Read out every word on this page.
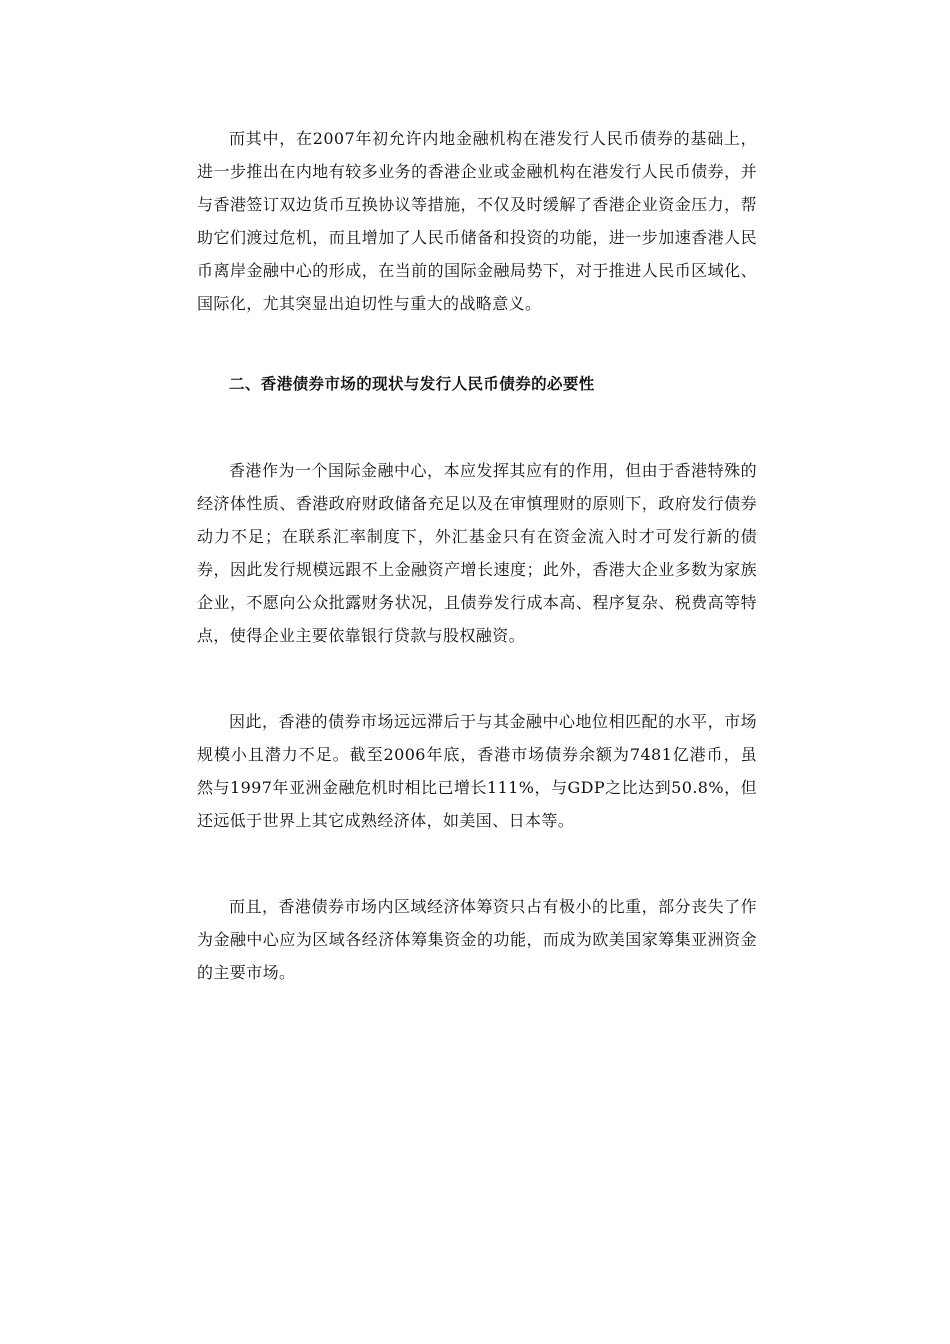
而其中，在2007年初允许内地金融机构在港发行人民币债券的基础上，进一步推出在内地有较多业务的香港企业或金融机构在港发行人民币债券，并与香港签订双边货币互换协议等措施，不仅及时缓解了香港企业资金压力，帮助它们渡过危机，而且增加了人民币储备和投资的功能，进一步加速香港人民币离岸金融中心的形成，在当前的国际金融局势下，对于推进人民币区域化、国际化，尤其突显出迫切性与重大的战略意义。

二、香港债券市场的现状与发行人民币债券的必要性

香港作为一个国际金融中心，本应发挥其应有的作用，但由于香港特殊的经济体性质、香港政府财政储备充足以及在审慎理财的原则下，政府发行债券动力不足；在联系汇率制度下，外汇基金只有在资金流入时才可发行新的债券，因此发行规模远跟不上金融资产增长速度；此外，香港大企业多数为家族企业，不愿向公众批露财务状况，且债券发行成本高、程序复杂、税费高等特点，使得企业主要依靠银行贷款与股权融资。

因此，香港的债券市场远远滞后于与其金融中心地位相匹配的水平，市场规模小且潜力不足。截至2006年底，香港市场债券余额为7481亿港币，虽然与1997年亚洲金融危机时相比已增长111%，与GDP之比达到50.8%，但还远低于世界上其它成熟经济体，如美国、日本等。

而且，香港债券市场内区域经济体筹资只占有极小的比重，部分丧失了作为金融中心应为区域各经济体筹集资金的功能，而成为欧美国家筹集亚洲资金的主要市场。
